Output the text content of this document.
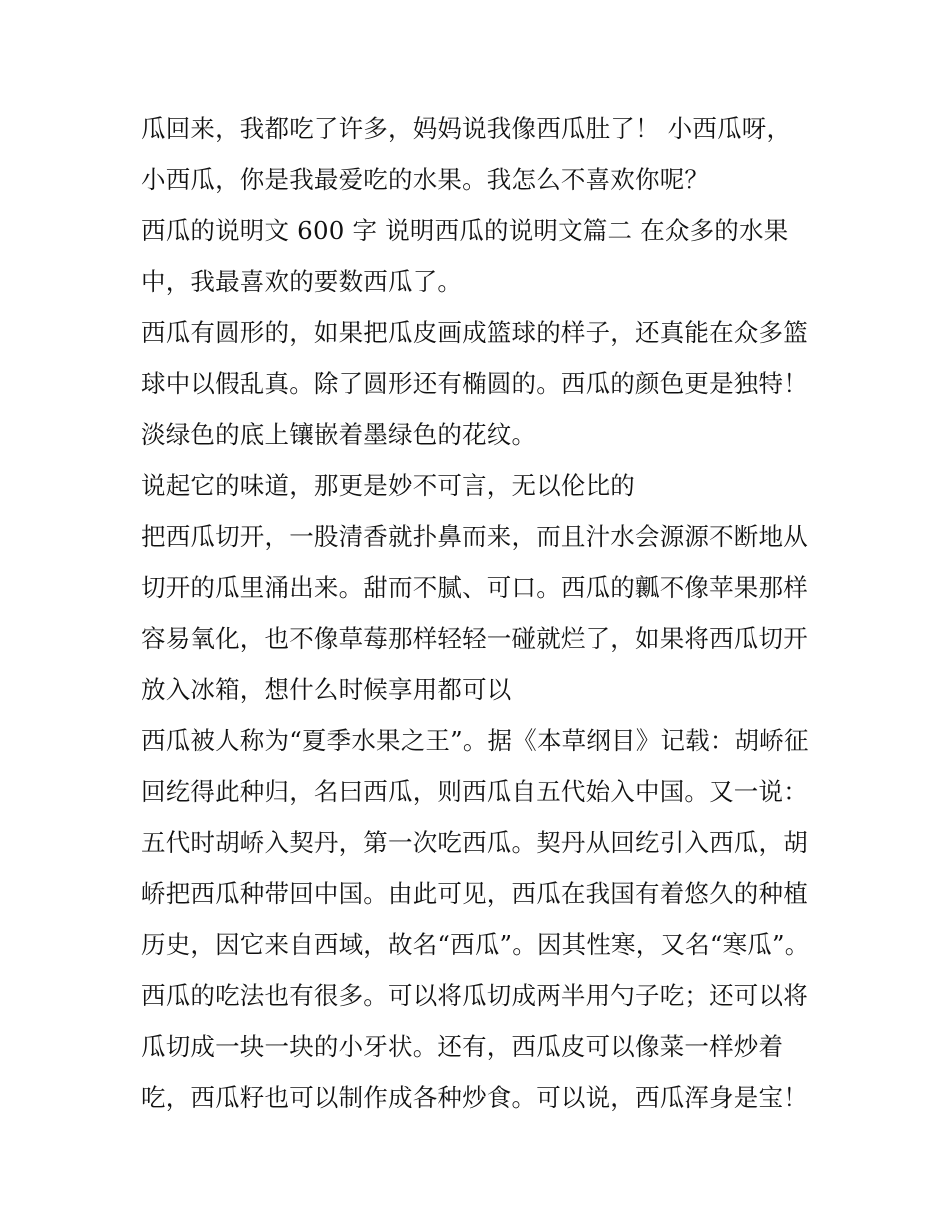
瓜回来，我都吃了许多，妈妈说我像西瓜肚了！ 小西瓜呀，
小西瓜，你是我最爱吃的水果。我怎么不喜欢你呢？
西瓜的说明文 600 字 说明西瓜的说明文篇二 在众多的水果
中，我最喜欢的要数西瓜了。
西瓜有圆形的，如果把瓜皮画成篮球的样子，还真能在众多篮
球中以假乱真。除了圆形还有椭圆的。西瓜的颜色更是独特！
淡绿色的底上镶嵌着墨绿色的花纹。
说起它的味道，那更是妙不可言，无以伦比的
把西瓜切开，一股清香就扑鼻而来，而且汁水会源源不断地从
切开的瓜里涌出来。甜而不腻、可口。西瓜的瓤不像苹果那样
容易氧化，也不像草莓那样轻轻一碰就烂了，如果将西瓜切开
放入冰箱，想什么时候享用都可以
西瓜被人称为“夏季水果之王”。据《本草纲目》记载：胡峤征
回纥得此种归，名曰西瓜，则西瓜自五代始入中国。又一说：
五代时胡峤入契丹，第一次吃西瓜。契丹从回纥引入西瓜，胡
峤把西瓜种带回中国。由此可见，西瓜在我国有着悠久的种植
历史，因它来自西域，故名“西瓜”。因其性寒，又名“寒瓜”。
西瓜的吃法也有很多。可以将瓜切成两半用勺子吃；还可以将
瓜切成一块一块的小牙状。还有，西瓜皮可以像菜一样炒着
吃，西瓜籽也可以制作成各种炒食。可以说，西瓜浑身是宝！
